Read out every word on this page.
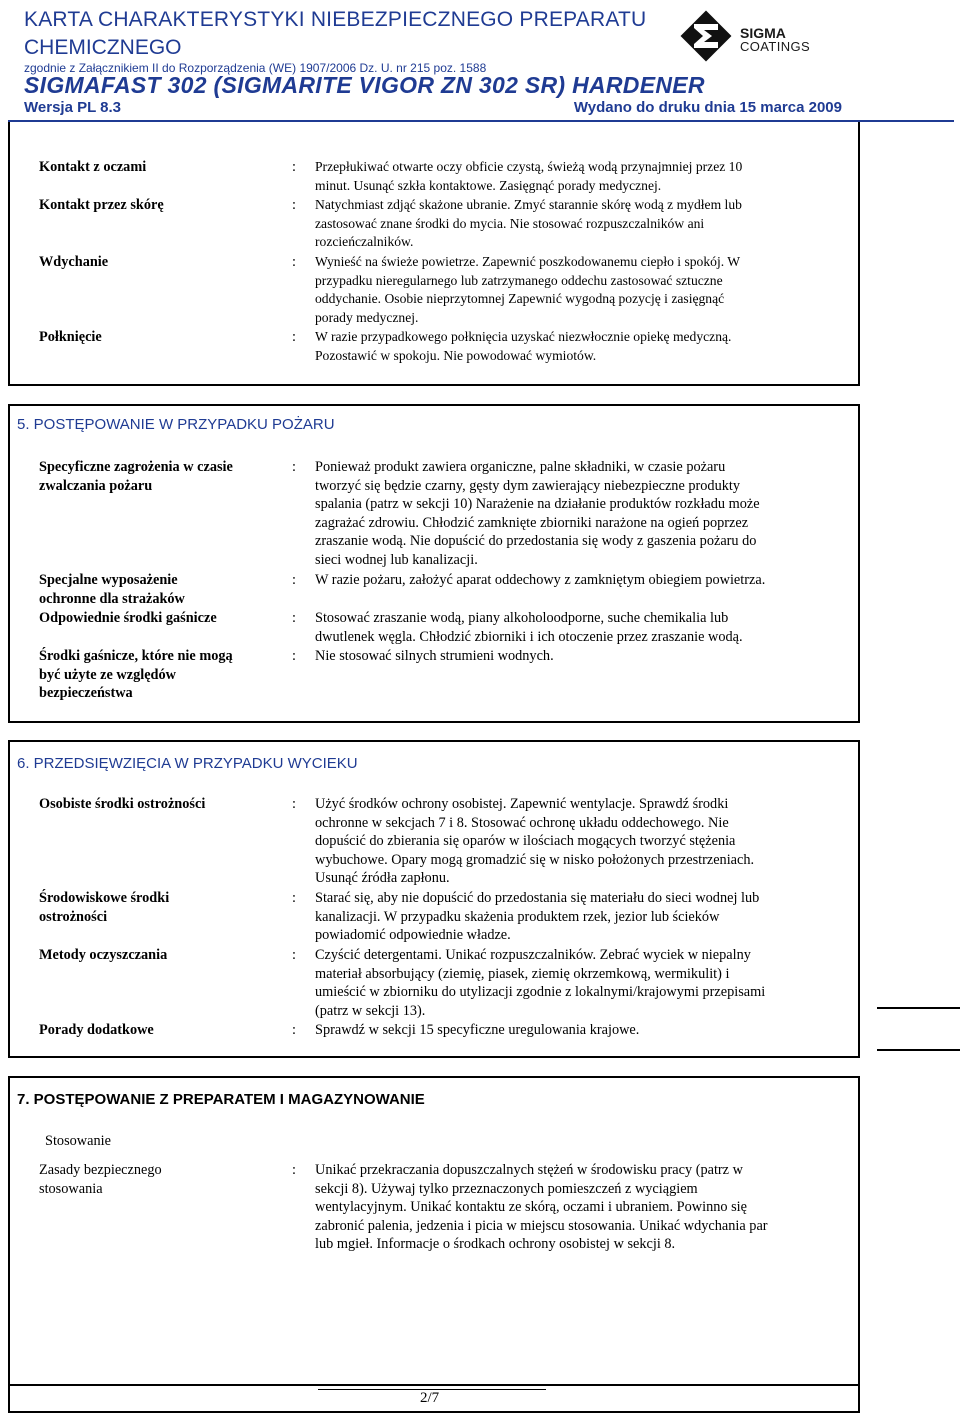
KARTA CHARAKTERYSTYKI NIEBEZPIECZNEGO PREPARATU
CHEMICZNEGO
zgodnie z Załącznikiem II do Rozporządzenia (WE) 1907/2006 Dz. U. nr 215 poz. 1588
SIGMAFAST 302 (SIGMARITE VIGOR ZN 302 SR) HARDENER
Wersja PL 8.3	Wydano do druku dnia 15 marca 2009
SIGMA
COATINGS
Kontakt z oczami	: Przepłukiwać otwarte oczy obficie czystą, świeżą wodą przynajmniej przez 10
minut. Usunąć szkła kontaktowe. Zasięgnąć porady medycznej.
Kontakt przez skórę	: Natychmiast zdjąć skażone ubranie. Zmyć starannie skórę wodą z mydłem lub
zastosować znane środki do mycia. Nie stosować rozpuszczalników ani
rozcieńczalników.
Wdychanie	: Wynieść na świeże powietrze. Zapewnić poszkodowanemu ciepło i spokój. W
przypadku nieregularnego lub zatrzymanego oddechu zastosować sztuczne
oddychanie. Osobie nieprzytomnej Zapewnić wygodną pozycję i zasięgnąć
porady medycznej.
Połknięcie	: W razie przypadkowego połknięcia uzyskać niezwłocznie opiekę medyczną.
Pozostawić w spokoju. Nie powodować wymiotów.
5. POSTĘPOWANIE W PRZYPADKU POŻARU
Specyficzne zagrożenia w czasie
zwalczania pożaru
: Ponieważ produkt zawiera organiczne, palne składniki, w czasie pożaru
tworzyć się będzie czarny, gęsty dym zawierający niebezpieczne produkty
spalania (patrz w sekcji 10) Narażenie na działanie produktów rozkładu może
zagrażać zdrowiu. Chłodzić zamknięte zbiorniki narażone na ogień poprzez
zraszanie wodą. Nie dopuścić do przedostania się wody z gaszenia pożaru do
sieci wodnej lub kanalizacji.
Specjalne wyposażenie
ochronne dla strażaków
: W razie pożaru, założyć aparat oddechowy z zamkniętym obiegiem powietrza.
Odpowiednie środki gaśnicze	: Stosować zraszanie wodą, piany alkoholoodporne, suche chemikalia lub
dwutlenek węgla. Chłodzić zbiorniki i ich otoczenie przez zraszanie wodą.
Środki gaśnicze, które nie mogą
być użyte ze względów
bezpieczeństwa
: Nie stosować silnych strumieni wodnych.
6. PRZEDSIĘWZIĘCIA W PRZYPADKU WYCIEKU
Osobiste środki ostrożności	: Użyć środków ochrony osobistej. Zapewnić wentylacje. Sprawdź środki
ochronne w sekcjach 7 i 8. Stosować ochronę układu oddechowego. Nie
dopuścić do zbierania się oparów w ilościach mogących tworzyć stężenia
wybuchowe. Opary mogą gromadzić się w nisko położonych przestrzeniach.
Usunąć źródła zapłonu.
Środowiskowe środki
ostrożności
: Starać się, aby nie dopuścić do przedostania się materiału do sieci wodnej lub
kanalizacji. W przypadku skażenia produktem rzek, jezior lub ścieków
powiadomić odpowiednie władze.
Metody oczyszczania	: Czyścić detergentami. Unikać rozpuszczalników. Zebrać wyciek w niepalny
materiał absorbujący (ziemię, piasek, ziemię okrzemkową, wermikulit) i
umieścić w zbiorniku do utylizacji zgodnie z lokalnymi/krajowymi przepisami
(patrz w sekcji 13).
Porady dodatkowe	: Sprawdź w sekcji 15 specyficzne uregulowania krajowe.
7. POSTĘPOWANIE Z PREPARATEM I MAGAZYNOWANIE
Stosowanie
Zasady bezpiecznego
stosowania
: Unikać przekraczania dopuszczalnych stężeń w środowisku pracy (patrz w
sekcji 8). Używaj tylko przeznaczonych pomieszczeń z wyciągiem
wentylacyjnym. Unikać kontaktu ze skórą, oczami i ubraniem. Powinno się
zabronić palenia, jedzenia i picia w miejscu stosowania. Unikać wdychania par
lub mgieł. Informacje o środkach ochrony osobistej w sekcji 8.
2/7
